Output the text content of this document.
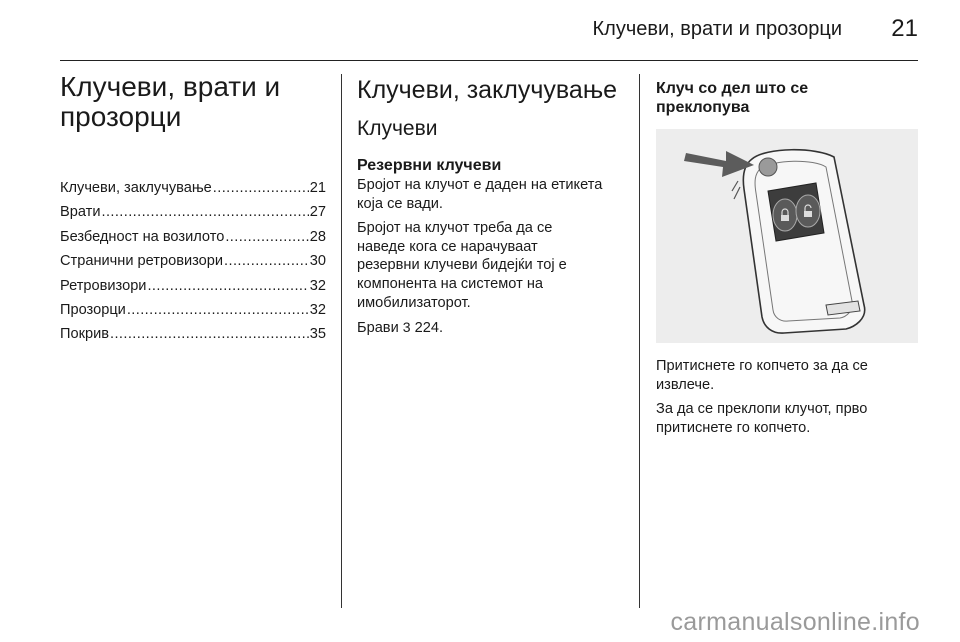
Клучеви, врати и прозорци 21
Клучеви, врати и
прозорци
Клучеви, заклучување .....	21
Врати .....	27
Безбедност на возилото .....	28
Странични ретровизори .....	30
Ретровизори .....	32
Прозорци .....	32
Покрив .....	35
Клучеви, заклучување
Клучеви
Резервни клучеви

Бројот на клучот е даден на етикета
која се вади.

Бројот на клучот треба да се
наведе кога се нарачуваат
резервни клучеви бидејќи тој е
компонента на системот на
имобилизаторот.

Брави 3 224.

Клуч со дел што се
преклопува

Притиснете го копчето за да се
извлече.

За да се преклопи клучот, прво
притиснете го копчето.

carmanualsonline.info
